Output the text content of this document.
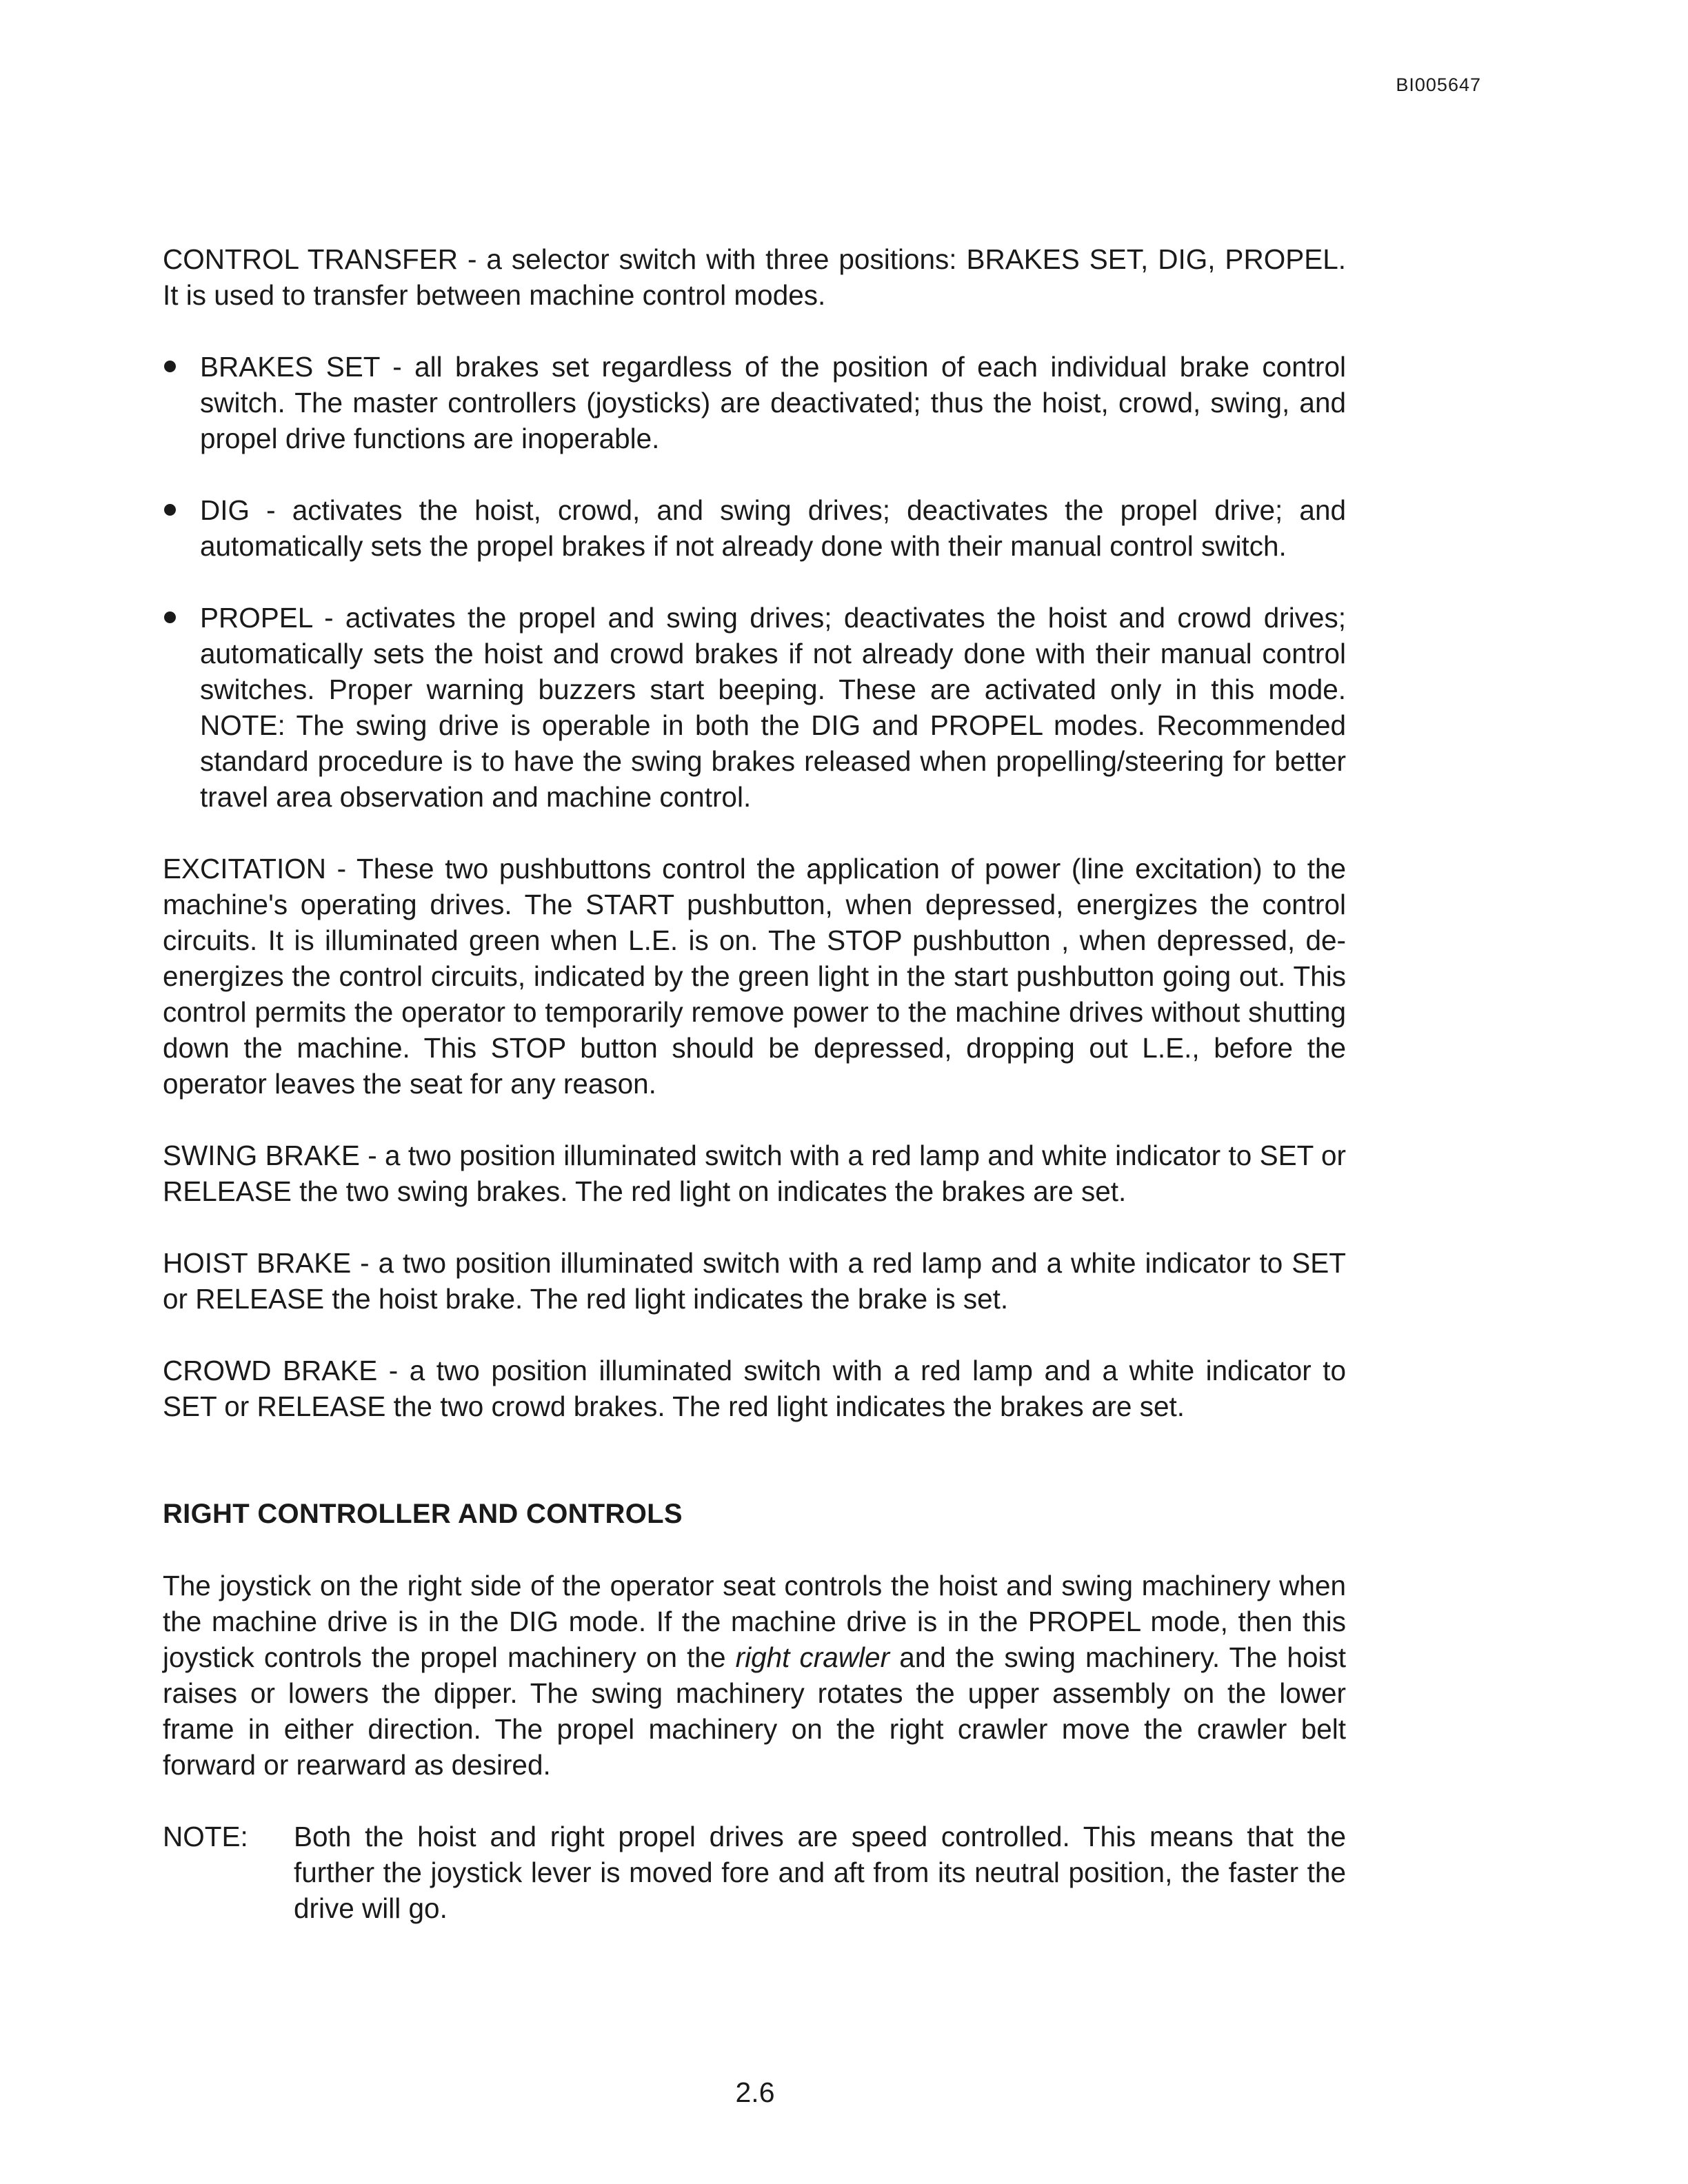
BI005647

CONTROL TRANSFER - a selector switch with three positions: BRAKES SET, DIG, PROPEL. It is used to transfer between machine control modes.

BRAKES SET - all brakes set regardless of the position of each individual brake control switch. The master controllers (joysticks) are deactivated; thus the hoist, crowd, swing, and propel drive functions are inoperable.
DIG - activates the hoist, crowd, and swing drives; deactivates the propel drive; and automatically sets the propel brakes if not already done with their manual control switch.
PROPEL - activates the propel and swing drives; deactivates the hoist and crowd drives; automatically sets the hoist and crowd brakes if not already done with their manual control switches. Proper warning buzzers start beeping. These are activated only in this mode. NOTE: The swing drive is operable in both the DIG and PROPEL modes. Recommended standard procedure is to have the swing brakes released when propelling/steering for better travel area observation and machine control.

EXCITATION - These two pushbuttons control the application of power (line excitation) to the machine's operating drives. The START pushbutton, when depressed, energizes the control circuits. It is illuminated green when L.E. is on. The STOP pushbutton , when depressed, de-energizes the control circuits, indicated by the green light in the start pushbutton going out. This control permits the operator to temporarily remove power to the machine drives without shutting down the machine. This STOP button should be depressed, dropping out L.E., before the operator leaves the seat for any reason.

SWING BRAKE - a two position illuminated switch with a red lamp and white indicator to SET or RELEASE the two swing brakes. The red light on indicates the brakes are set.

HOIST BRAKE - a two position illuminated switch with a red lamp and a white indicator to SET or RELEASE the hoist brake. The red light indicates the brake is set.

CROWD BRAKE - a two position illuminated switch with a red lamp and a white indicator to SET or RELEASE the two crowd brakes. The red light indicates the brakes are set.

RIGHT CONTROLLER AND CONTROLS

The joystick on the right side of the operator seat controls the hoist and swing machinery when the machine drive is in the DIG mode. If the machine drive is in the PROPEL mode, then this joystick controls the propel machinery on the right crawler and the swing machinery. The hoist raises or lowers the dipper. The swing machinery rotates the upper assembly on the lower frame in either direction. The propel machinery on the right crawler move the crawler belt forward or rearward as desired.

NOTE:	Both the hoist and right propel drives are speed controlled. This means that the further the joystick lever is moved fore and aft from its neutral position, the faster the drive will go.
2.6
